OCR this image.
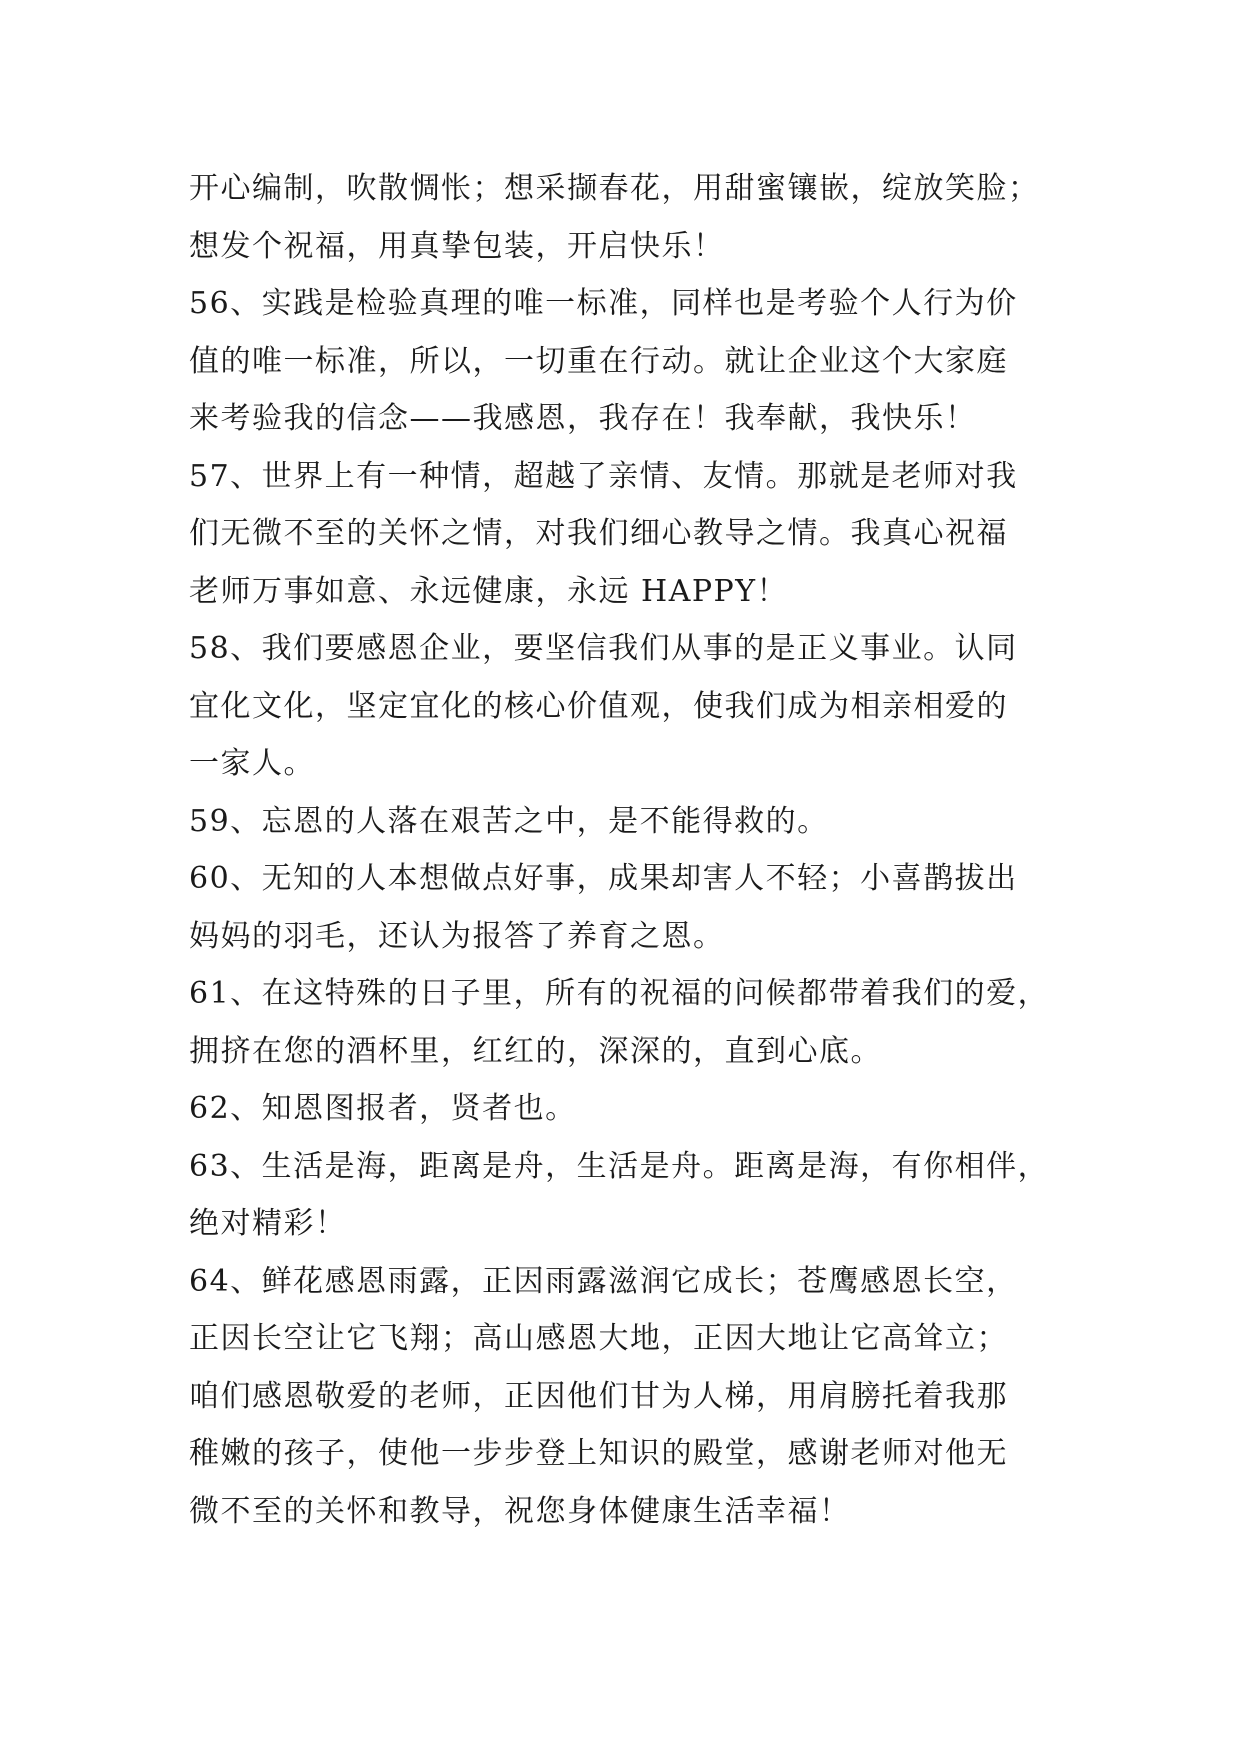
开心编制，吹散惆怅；想采撷春花，用甜蜜镶嵌，绽放笑脸；
想发个祝福，用真挚包装，开启快乐！
56、实践是检验真理的唯一标准，同样也是考验个人行为价
值的唯一标准，所以，一切重在行动。就让企业这个大家庭
来考验我的信念——我感恩，我存在！我奉献，我快乐！
57、世界上有一种情，超越了亲情、友情。那就是老师对我
们无微不至的关怀之情，对我们细心教导之情。我真心祝福
老师万事如意、永远健康，永远 HAPPY！
58、我们要感恩企业，要坚信我们从事的是正义事业。认同
宜化文化，坚定宜化的核心价值观，使我们成为相亲相爱的
一家人。
59、忘恩的人落在艰苦之中，是不能得救的。
60、无知的人本想做点好事，成果却害人不轻；小喜鹊拔出
妈妈的羽毛，还认为报答了养育之恩。
61、在这特殊的日子里，所有的祝福的问候都带着我们的爱，
拥挤在您的酒杯里，红红的，深深的，直到心底。
62、知恩图报者，贤者也。
63、生活是海，距离是舟，生活是舟。距离是海，有你相伴，
绝对精彩！
64、鲜花感恩雨露，正因雨露滋润它成长；苍鹰感恩长空，
正因长空让它飞翔；高山感恩大地，正因大地让它高耸立；
咱们感恩敬爱的老师，正因他们甘为人梯，用肩膀托着我那
稚嫩的孩子，使他一步步登上知识的殿堂，感谢老师对他无
微不至的关怀和教导，祝您身体健康生活幸福！
